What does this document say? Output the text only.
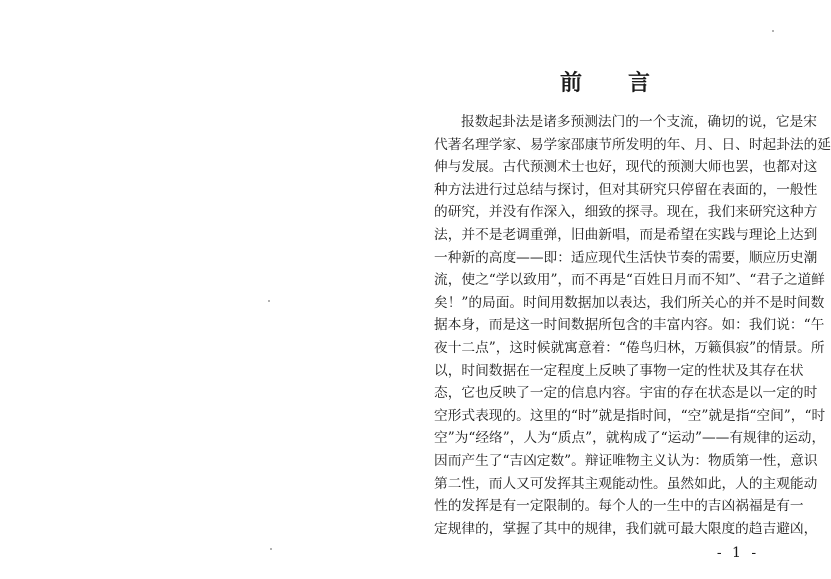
前 言
报数起卦法是诸多预测法门的一个支流，确切的说，它是宋
代著名理学家、易学家邵康节所发明的年、月、日、时起卦法的延
伸与发展。古代预测术士也好，现代的预测大师也罢，也都对这
种方法进行过总结与探讨，但对其研究只停留在表面的，一般性
的研究，并没有作深入，细致的探寻。现在，我们来研究这种方
法，并不是老调重弹，旧曲新唱，而是希望在实践与理论上达到
一种新的高度——即：适应现代生活快节奏的需要，顺应历史潮
流，使之“学以致用”，而不再是“百姓日月而不知”、“君子之道鲜
矣！”的局面。时间用数据加以表达，我们所关心的并不是时间数
据本身，而是这一时间数据所包含的丰富内容。如：我们说：“午
夜十二点”，这时候就寓意着：“倦鸟归林，万籁俱寂”的情景。所
以，时间数据在一定程度上反映了事物一定的性状及其存在状
态，它也反映了一定的信息内容。宇宙的存在状态是以一定的时
空形式表现的。这里的“时”就是指时间，“空”就是指“空间”，“时
空”为“经络”，人为“质点”，就构成了“运动”——有规律的运动，
因而产生了“吉凶定数”。辩证唯物主义认为：物质第一性，意识
第二性，而人又可发挥其主观能动性。虽然如此，人的主观能动
性的发挥是有一定限制的。每个人的一生中的吉凶祸福是有一
定规律的，掌握了其中的规律，我们就可最大限度的趋吉避凶，
- 1 -
